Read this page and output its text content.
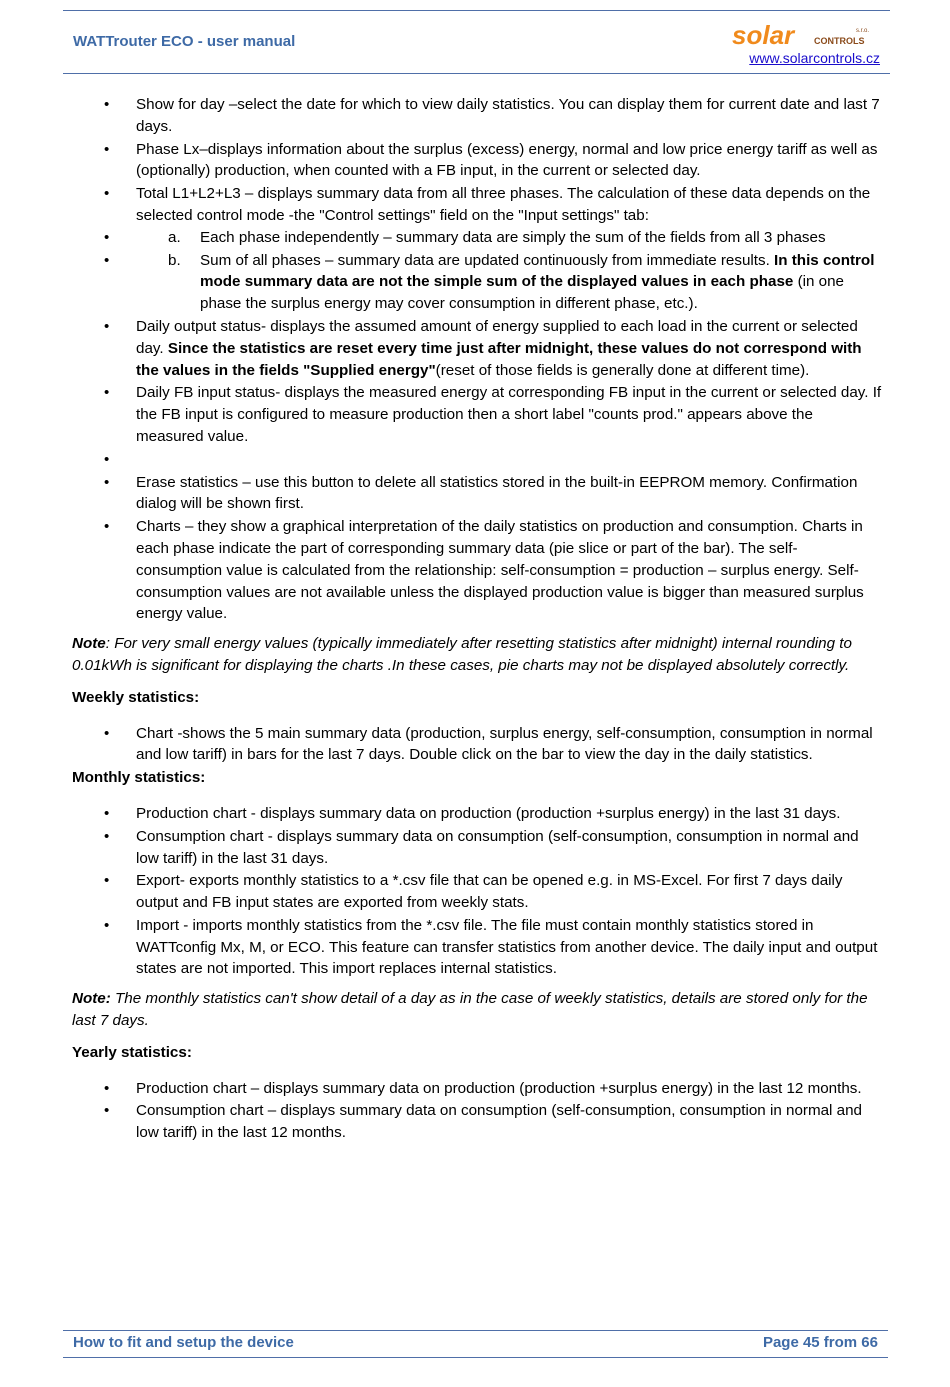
WATTrouter ECO - user manual	solar CONTROLS
s.r.o.
www.solarcontrols.cz
• Show for day –select the date for which to view daily statistics. You can display them for current date and last 7 days.
• Phase Lx–displays information about the surplus (excess) energy, normal and low price energy tariff as well as (optionally) production, when counted with a FB input, in the current or selected day.
• Total L1+L2+L3 – displays summary data from all three phases. The calculation of these data depends on the selected control mode -the "Control settings" field on the "Input settings" tab:
• a. Each phase independently – summary data are simply the sum of the fields from all 3 phases
• b. Sum of all phases – summary data are updated continuously from immediate results. In this control mode summary data are not the simple sum of the displayed values in each phase (in one phase the surplus energy may cover consumption in different phase, etc.).
• Daily output status- displays the assumed amount of energy supplied to each load in the current or selected day. Since the statistics are reset every time just after midnight, these values do not correspond with the values in the fields "Supplied energy"(reset of those fields is generally done at different time).
• Daily FB input status- displays the measured energy at corresponding FB input in the current or selected day. If the FB input is configured to measure production then a short label "counts prod." appears above the measured value.
•
• Erase statistics – use this button to delete all statistics stored in the built-in EEPROM memory. Confirmation dialog will be shown first.
• Charts – they show a graphical interpretation of the daily statistics on production and consumption. Charts in each phase indicate the part of corresponding summary data (pie slice or part of the bar). The self-consumption value is calculated from the relationship: self-consumption = production – surplus energy. Self-consumption values are not available unless the displayed production value is bigger than measured surplus energy value.

Note: For very small energy values (typically immediately after resetting statistics after midnight) internal rounding to 0.01kWh is significant for displaying the charts .In these cases, pie charts may not be displayed absolutely correctly.

Weekly statistics:
• Chart -shows the 5 main summary data (production, surplus energy, self-consumption, consumption in normal and low tariff) in bars for the last 7 days. Double click on the bar to view the day in the daily statistics.
Monthly statistics:
• Production chart - displays summary data on production (production +surplus energy) in the last 31 days.
• Consumption chart - displays summary data on consumption (self-consumption, consumption in normal and low tariff) in the last 31 days.
• Export- exports monthly statistics to a *.csv file that can be opened e.g. in MS-Excel. For first 7 days daily output and FB input states are exported from weekly stats.
• Import - imports monthly statistics from the *.csv file. The file must contain monthly statistics stored in WATTconfig Mx, M, or ECO. This feature can transfer statistics from another device. The daily input and output states are not imported. This import replaces internal statistics.

Note: The monthly statistics can't show detail of a day as in the case of weekly statistics, details are stored only for the last 7 days.

Yearly statistics:
• Production chart – displays summary data on production (production +surplus energy) in the last 12 months.
• Consumption chart – displays summary data on consumption (self-consumption, consumption in normal and low tariff) in the last 12 months.
How to fit and setup the device	Page 45 from 66
